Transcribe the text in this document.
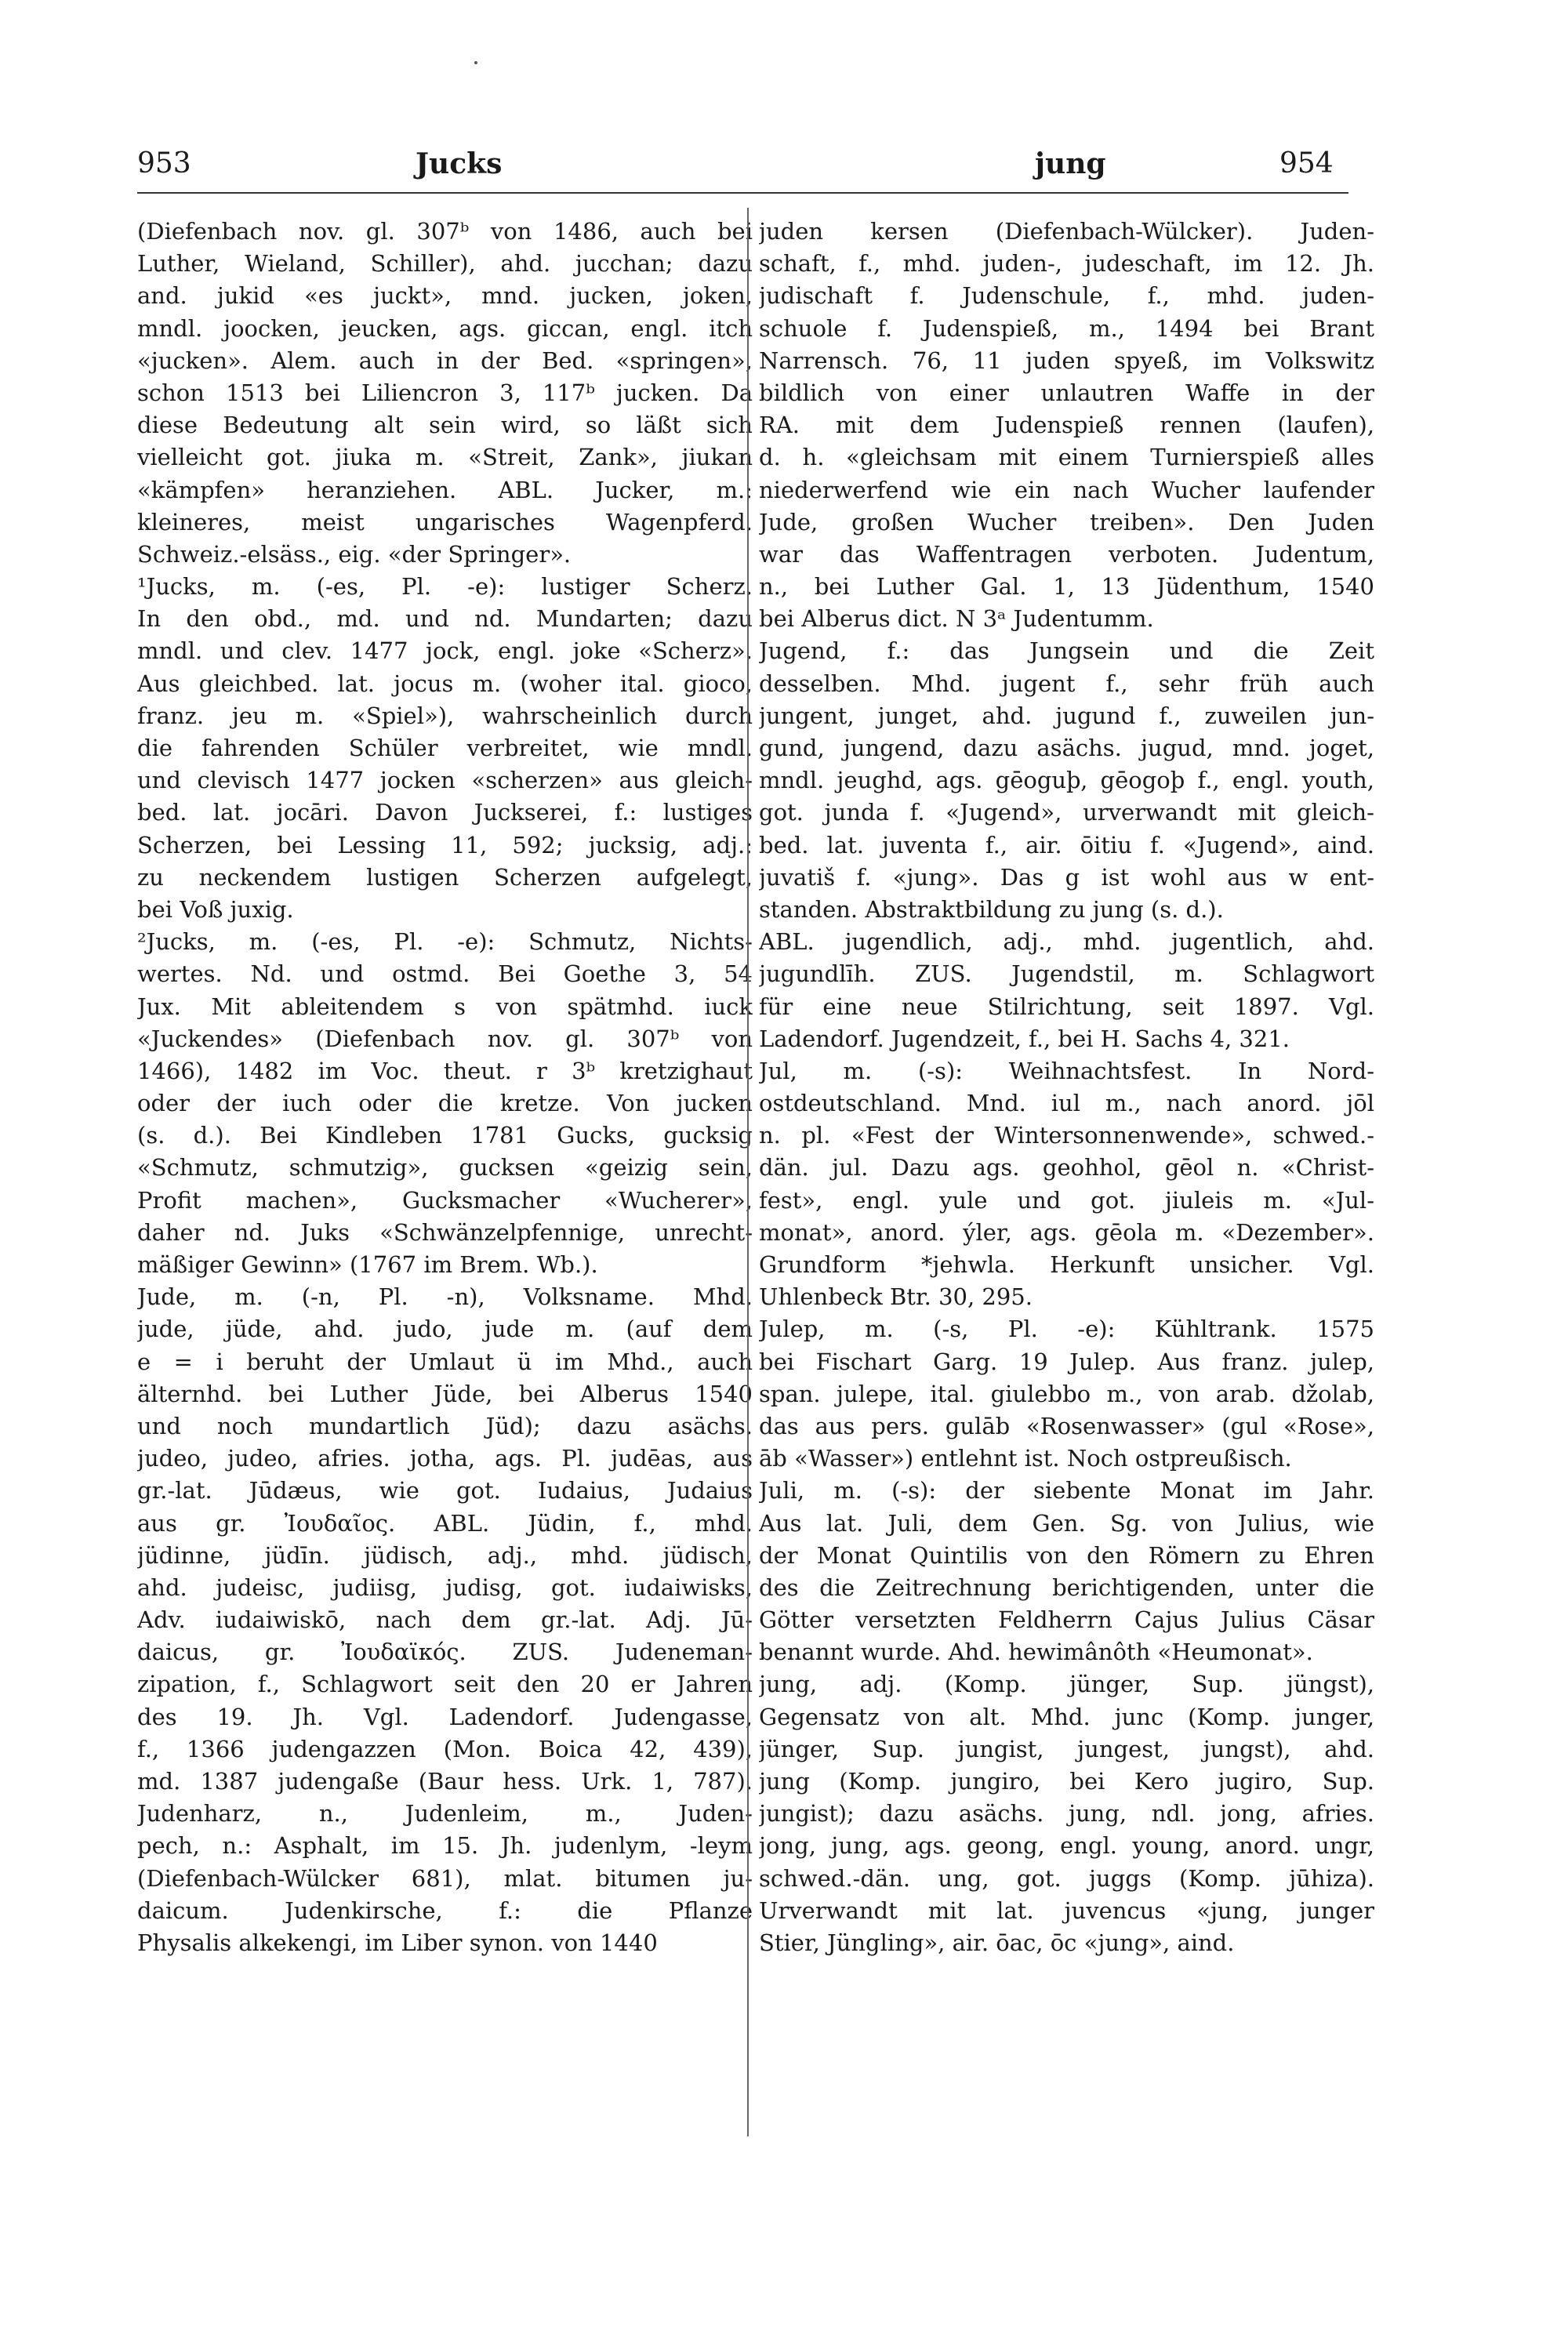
953	Jucks	jung	954
(Diefenbach nov. gl. 307ᵇ von 1486, auch bei
Luther, Wieland, Schiller), ahd. jucchan; dazu
and. jukid «es juckt», mnd. jucken, joken,
mndl. joocken, jeucken, ags. giccan, engl. itch
«jucken». Alem. auch in der Bed. «springen»,
schon 1513 bei Liliencron 3, 117ᵇ jucken. Da
diese Bedeutung alt sein wird, so läßt sich
vielleicht got. jiuka m. «Streit, Zank», jiukan
«kämpfen» heranziehen. ABL. Jucker, m.:
kleineres, meist ungarisches Wagenpferd.
Schweiz.-elsäss., eig. «der Springer».
¹Jucks, m. (-es, Pl. -e): lustiger Scherz.
In den obd., md. und nd. Mundarten; dazu
mndl. und clev. 1477 jock, engl. joke «Scherz».
Aus gleichbed. lat. jocus m. (woher ital. gioco,
franz. jeu m. «Spiel»), wahrscheinlich durch
die fahrenden Schüler verbreitet, wie mndl.
und clevisch 1477 jocken «scherzen» aus gleich-
bed. lat. jocāri. Davon Juckserei, f.: lustiges
Scherzen, bei Lessing 11, 592; jucksig, adj.:
zu neckendem lustigen Scherzen aufgelegt,
bei Voß juxig.
²Jucks, m. (-es, Pl. -e): Schmutz, Nichts-
wertes. Nd. und ostmd. Bei Goethe 3, 54
Jux. Mit ableitendem s von spätmhd. iuck
«Juckendes» (Diefenbach nov. gl. 307ᵇ von
1466), 1482 im Voc. theut. r 3ᵇ kretzighaut
oder der iuch oder die kretze. Von jucken
(s. d.). Bei Kindleben 1781 Gucks, gucksig
«Schmutz, schmutzig», gucksen «geizig sein,
Profit machen», Gucksmacher «Wucherer»,
daher nd. Juks «Schwänzelpfennige, unrecht-
mäßiger Gewinn» (1767 im Brem. Wb.).
Jude, m. (-n, Pl. -n), Volksname. Mhd.
jude, jüde, ahd. judo, jude m. (auf dem
e = i beruht der Umlaut ü im Mhd., auch
älternhd. bei Luther Jüde, bei Alberus 1540
und noch mundartlich Jüd); dazu asächs.
judeo, judeo, afries. jotha, ags. Pl. judēas, aus
gr.-lat. Jūdæus, wie got. Iudaius, Judaius
aus gr. Ἰουδαῖος. ABL. Jüdin, f., mhd.
jüdinne, jüdīn. jüdisch, adj., mhd. jüdisch,
ahd. judeisc, judiisg, judisg, got. iudaiwisks,
Adv. iudaiwiskō, nach dem gr.-lat. Adj. Jū-
daicus, gr. Ἰουδαϊκός. ZUS. Judeneman-
zipation, f., Schlagwort seit den 20 er Jahren
des 19. Jh. Vgl. Ladendorf. Judengasse,
f., 1366 judengazzen (Mon. Boica 42, 439),
md. 1387 judengaße (Baur hess. Urk. 1, 787).
Judenharz, n., Judenleim, m., Juden-
pech, n.: Asphalt, im 15. Jh. judenlym, -leym
(Diefenbach-Wülcker 681), mlat. bitumen ju-
daicum. Judenkirsche, f.: die Pflanze
Physalis alkekengi, im Liber synon. von 1440
juden kersen (Diefenbach-Wülcker). Juden-
schaft, f., mhd. juden-, judeschaft, im 12. Jh.
judischaft f. Judenschule, f., mhd. juden-
schuole f. Judenspieß, m., 1494 bei Brant
Narrensch. 76, 11 juden spyeß, im Volkswitz
bildlich von einer unlautren Waffe in der
RA. mit dem Judenspieß rennen (laufen),
d. h. «gleichsam mit einem Turnierspieß alles
niederwerfend wie ein nach Wucher laufender
Jude, großen Wucher treiben». Den Juden
war das Waffentragen verboten. Judentum,
n., bei Luther Gal. 1, 13 Jüdenthum, 1540
bei Alberus dict. N 3ᵃ Judentumm.
Jugend, f.: das Jungsein und die Zeit
desselben. Mhd. jugent f., sehr früh auch
jungent, junget, ahd. jugund f., zuweilen jun-
gund, jungend, dazu asächs. jugud, mnd. joget,
mndl. jeughd, ags. gēoguþ, gēogoþ f., engl. youth,
got. junda f. «Jugend», urverwandt mit gleich-
bed. lat. juventa f., air. ōitiu f. «Jugend», aind.
juvatiš f. «jung». Das g ist wohl aus w ent-
standen. Abstraktbildung zu jung (s. d.).
ABL. jugendlich, adj., mhd. jugentlich, ahd.
jugundlīh. ZUS. Jugendstil, m. Schlagwort
für eine neue Stilrichtung, seit 1897. Vgl.
Ladendorf. Jugendzeit, f., bei H. Sachs 4, 321.
Jul, m. (-s): Weihnachtsfest. In Nord-
ostdeutschland. Mnd. iul m., nach anord. jōl
n. pl. «Fest der Wintersonnenwende», schwed.-
dän. jul. Dazu ags. geohhol, gēol n. «Christ-
fest», engl. yule und got. jiuleis m. «Jul-
monat», anord. ýler, ags. gēola m. «Dezember».
Grundform *jehwla. Herkunft unsicher. Vgl.
Uhlenbeck Btr. 30, 295.
Julep, m. (-s, Pl. -e): Kühltrank. 1575
bei Fischart Garg. 19 Julep. Aus franz. julep,
span. julepe, ital. giulebbo m., von arab. džolab,
das aus pers. gulāb «Rosenwasser» (gul «Rose»,
āb «Wasser») entlehnt ist. Noch ostpreußisch.
Juli, m. (-s): der siebente Monat im Jahr.
Aus lat. Juli, dem Gen. Sg. von Julius, wie
der Monat Quintilis von den Römern zu Ehren
des die Zeitrechnung berichtigenden, unter die
Götter versetzten Feldherrn Cajus Julius Cäsar
benannt wurde. Ahd. hewimânôth «Heumonat».
jung, adj. (Komp. jünger, Sup. jüngst),
Gegensatz von alt. Mhd. junc (Komp. junger,
jünger, Sup. jungist, jungest, jungst), ahd.
jung (Komp. jungiro, bei Kero jugiro, Sup.
jungist); dazu asächs. jung, ndl. jong, afries.
jong, jung, ags. geong, engl. young, anord. ungr,
schwed.-dän. ung, got. juggs (Komp. jūhiza).
Urverwandt mit lat. juvencus «jung, junger
Stier, Jüngling», air. ōac, ōc «jung», aind.
